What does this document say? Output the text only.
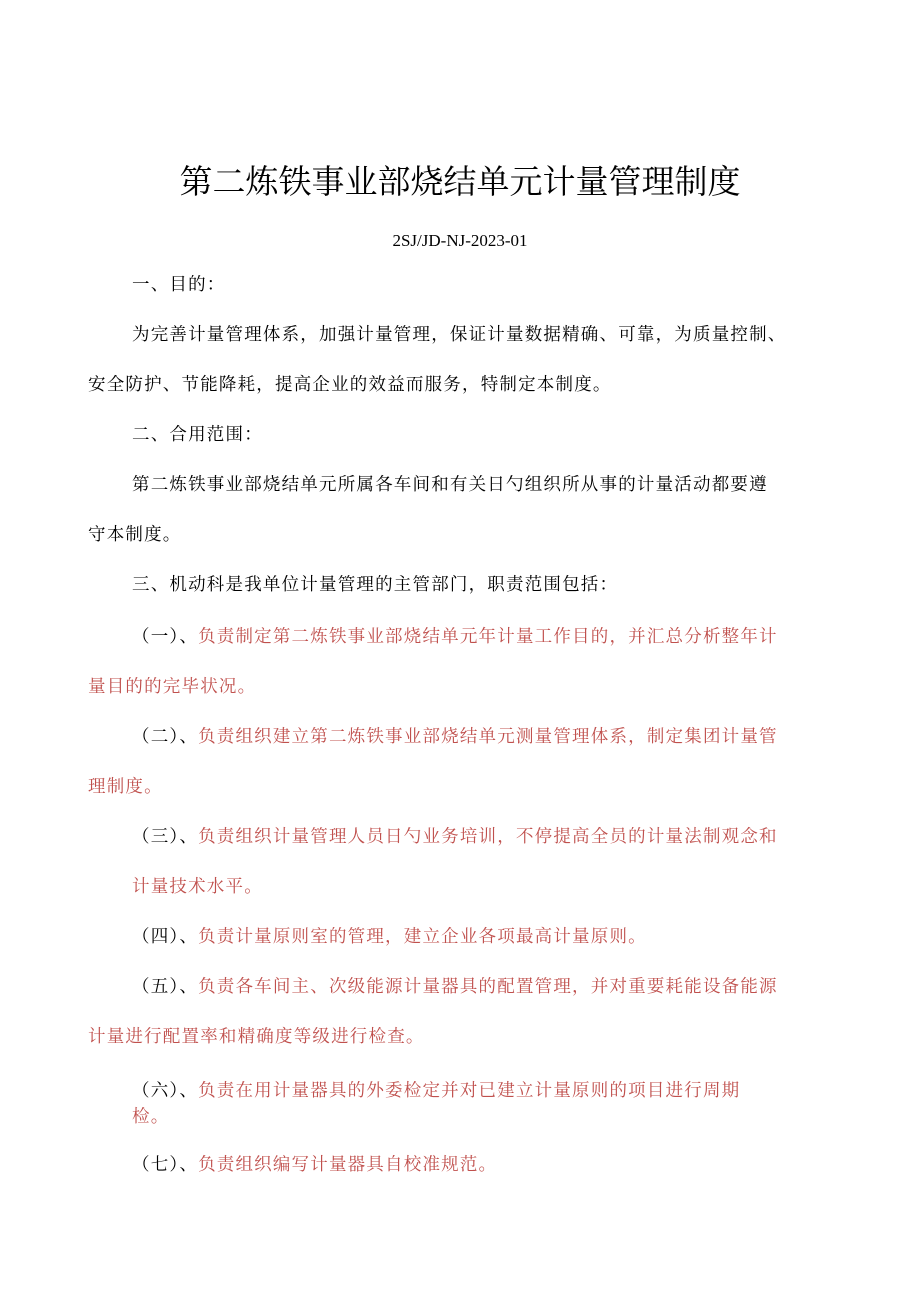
第二炼铁事业部烧结单元计量管理制度
2SJ/JD-NJ-2023-01
一、目的：
为完善计量管理体系，加强计量管理，保证计量数据精确、可靠，为质量控制、
安全防护、节能降耗，提高企业的效益而服务，特制定本制度。
二、合用范围：
第二炼铁事业部烧结单元所属各车间和有关日勺组织所从事的计量活动都要遵
守本制度。
三、机动科是我单位计量管理的主管部门，职责范围包括：
（一）、负责制定第二炼铁事业部烧结单元年计量工作目的，并汇总分析整年计
量目的的完毕状况。
（二）、负责组织建立第二炼铁事业部烧结单元测量管理体系，制定集团计量管
理制度。
（三）、负责组织计量管理人员日勺业务培训，不停提高全员的计量法制观念和
计量技术水平。
（四）、负责计量原则室的管理，建立企业各项最高计量原则。
（五）、负责各车间主、次级能源计量器具的配置管理，并对重要耗能设备能源
计量进行配置率和精确度等级进行检查。
（六）、负责在用计量器具的外委检定并对已建立计量原则的项目进行周期
检。
（七）、负责组织编写计量器具自校准规范。
